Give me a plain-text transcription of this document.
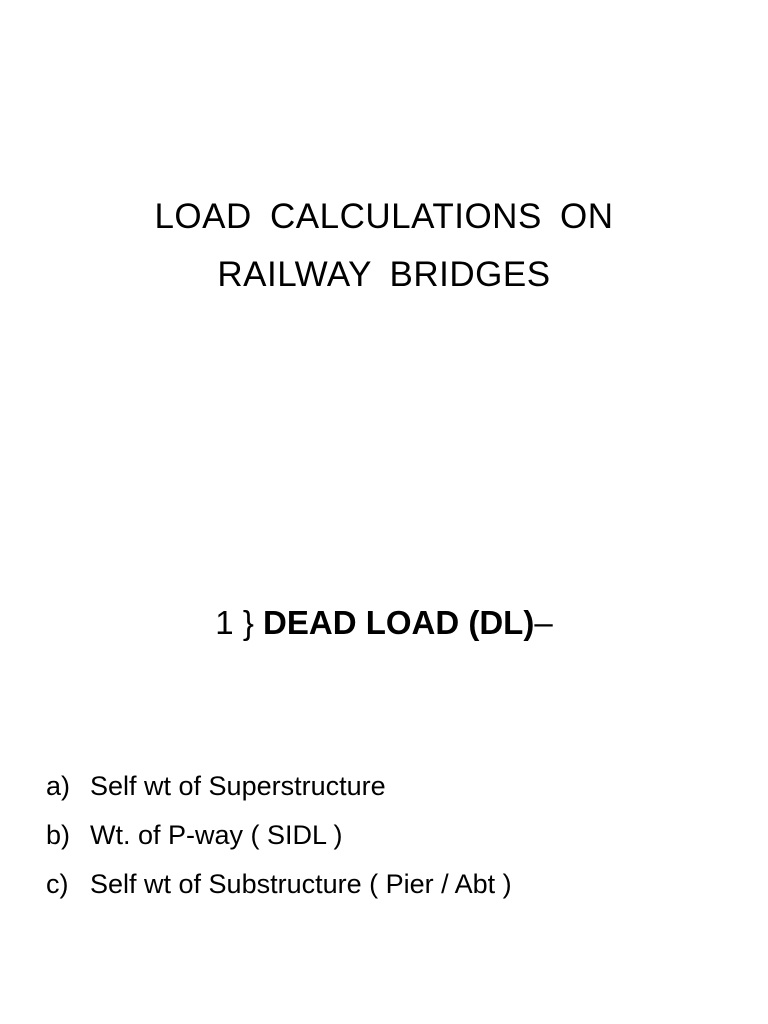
LOAD CALCULATIONS ON
RAILWAY BRIDGES
1 } DEAD LOAD (DL)–
a) Self wt of Superstructure
b) Wt. of P-way ( SIDL )
c) Self wt of Substructure ( Pier / Abt )
